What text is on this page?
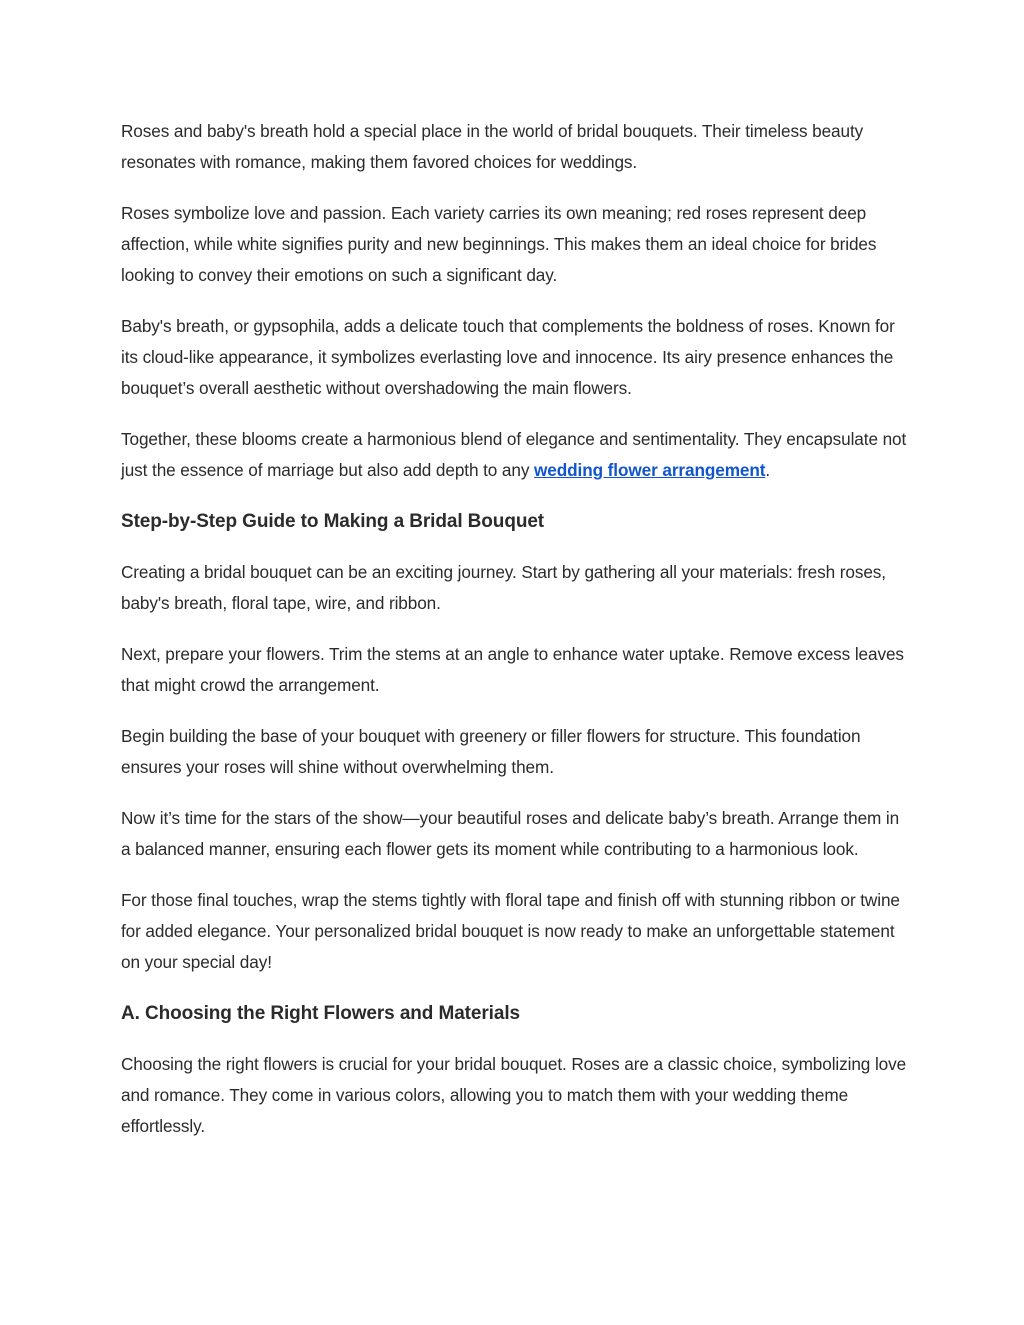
Roses and baby's breath hold a special place in the world of bridal bouquets. Their timeless beauty resonates with romance, making them favored choices for weddings.

Roses symbolize love and passion. Each variety carries its own meaning; red roses represent deep affection, while white signifies purity and new beginnings. This makes them an ideal choice for brides looking to convey their emotions on such a significant day.

Baby's breath, or gypsophila, adds a delicate touch that complements the boldness of roses. Known for its cloud-like appearance, it symbolizes everlasting love and innocence. Its airy presence enhances the bouquet’s overall aesthetic without overshadowing the main flowers.

Together, these blooms create a harmonious blend of elegance and sentimentality. They encapsulate not just the essence of marriage but also add depth to any wedding flower arrangement.

Step-by-Step Guide to Making a Bridal Bouquet

Creating a bridal bouquet can be an exciting journey. Start by gathering all your materials: fresh roses, baby's breath, floral tape, wire, and ribbon.

Next, prepare your flowers. Trim the stems at an angle to enhance water uptake. Remove excess leaves that might crowd the arrangement.

Begin building the base of your bouquet with greenery or filler flowers for structure. This foundation ensures your roses will shine without overwhelming them.

Now it’s time for the stars of the show—your beautiful roses and delicate baby’s breath. Arrange them in a balanced manner, ensuring each flower gets its moment while contributing to a harmonious look.

For those final touches, wrap the stems tightly with floral tape and finish off with stunning ribbon or twine for added elegance. Your personalized bridal bouquet is now ready to make an unforgettable statement on your special day!

A. Choosing the Right Flowers and Materials

Choosing the right flowers is crucial for your bridal bouquet. Roses are a classic choice, symbolizing love and romance. They come in various colors, allowing you to match them with your wedding theme effortlessly.
